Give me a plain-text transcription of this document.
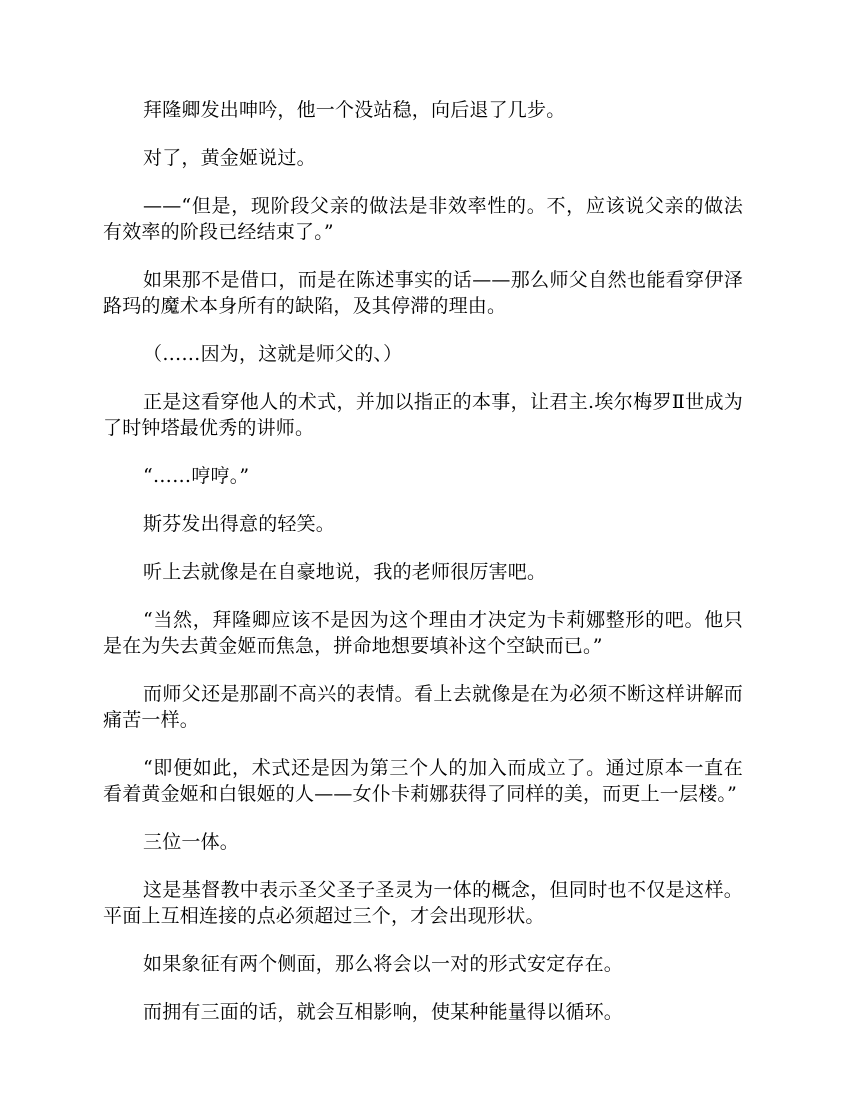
拜隆卿发出呻吟，他一个没站稳，向后退了几步。

对了，黄金姬说过。

——“但是，现阶段父亲的做法是非效率性的。不，应该说父亲的做法有效率的阶段已经结束了。”

如果那不是借口，而是在陈述事实的话——那么师父自然也能看穿伊泽路玛的魔术本身所有的缺陷，及其停滞的理由。

（……因为，这就是师父的、）

正是这看穿他人的术式，并加以指正的本事，让君主.埃尔梅罗Ⅱ世成为了时钟塔最优秀的讲师。

“……哼哼。”

斯芬发出得意的轻笑。

听上去就像是在自豪地说，我的老师很厉害吧。

“当然，拜隆卿应该不是因为这个理由才决定为卡莉娜整形的吧。他只是在为失去黄金姬而焦急，拼命地想要填补这个空缺而已。”

而师父还是那副不高兴的表情。看上去就像是在为必须不断这样讲解而痛苦一样。

“即便如此，术式还是因为第三个人的加入而成立了。通过原本一直在看着黄金姬和白银姬的人——女仆卡莉娜获得了同样的美，而更上一层楼。”

三位一体。

这是基督教中表示圣父圣子圣灵为一体的概念，但同时也不仅是这样。平面上互相连接的点必须超过三个，才会出现形状。

如果象征有两个侧面，那么将会以一对的形式安定存在。

而拥有三面的话，就会互相影响，使某种能量得以循环。
